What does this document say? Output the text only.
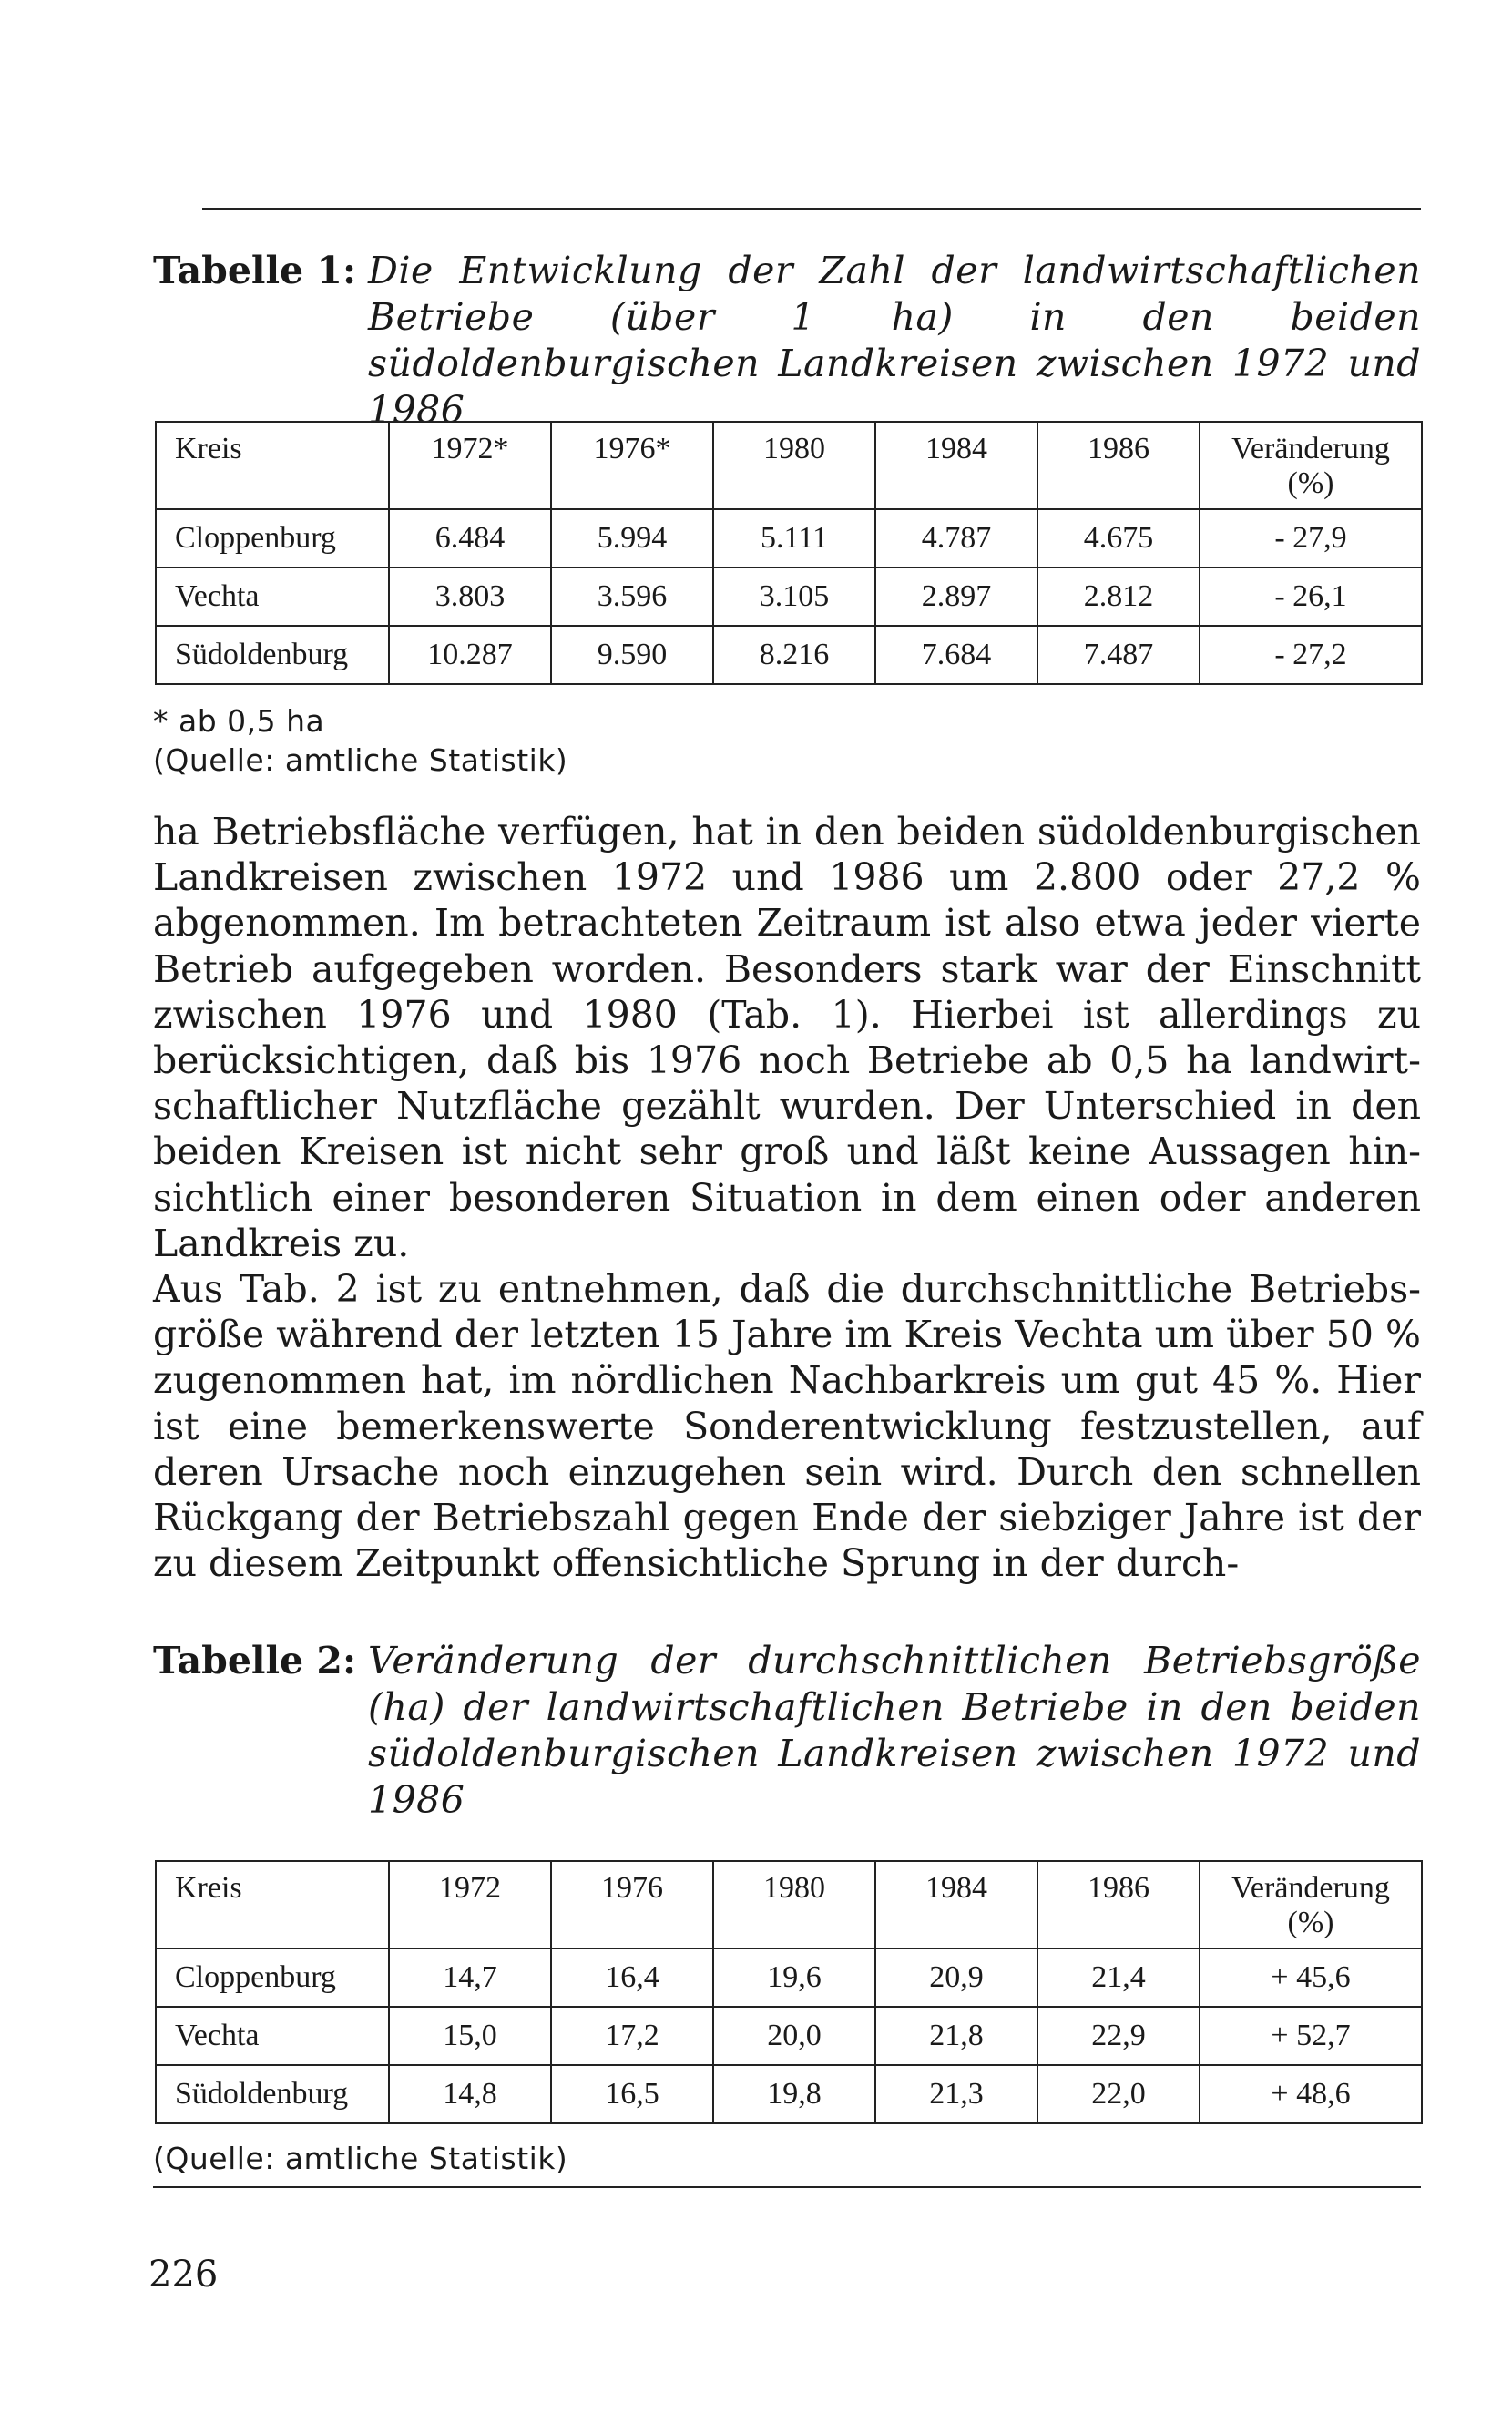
Tabelle 1: Die Entwicklung der Zahl der landwirtschaftlichen Betriebe (über 1 ha) in den beiden südoldenburgischen Landkreisen zwischen 1972 und 1986
Kreis	1972*	1976*	1980	1984	1986	Veränderung (%)
Cloppenburg	6.484	5.994	5.111	4.787	4.675	- 27,9
Vechta	3.803	3.596	3.105	2.897	2.812	- 26,1
Südoldenburg	10.287	9.590	8.216	7.684	7.487	- 27,2
* ab 0,5 ha
(Quelle: amtliche Statistik)

ha Betriebsfläche verfügen, hat in den beiden südoldenburgischen Landkreisen zwischen 1972 und 1986 um 2.800 oder 27,2 % abgenommen. Im betrachteten Zeitraum ist also etwa jeder vierte Betrieb aufgegeben worden. Besonders stark war der Einschnitt zwischen 1976 und 1980 (Tab. 1). Hierbei ist allerdings zu berücksichtigen, daß bis 1976 noch Betriebe ab 0,5 ha landwirtschaftlicher Nutzfläche gezählt wurden. Der Unterschied in den beiden Kreisen ist nicht sehr groß und läßt keine Aussagen hinsichtlich einer besonderen Situation in dem einen oder anderen Landkreis zu.

Aus Tab. 2 ist zu entnehmen, daß die durchschnittliche Betriebsgröße während der letzten 15 Jahre im Kreis Vechta um über 50 % zugenommen hat, im nördlichen Nachbarkreis um gut 45 %. Hier ist eine bemerkenswerte Sonderentwicklung festzustellen, auf deren Ursache noch einzugehen sein wird. Durch den schnellen Rückgang der Betriebszahl gegen Ende der siebziger Jahre ist der zu diesem Zeitpunkt offensichtliche Sprung in der durch-

Tabelle 2: Veränderung der durchschnittlichen Betriebsgröße (ha) der landwirtschaftlichen Betriebe in den beiden südoldenburgischen Landkreisen zwischen 1972 und 1986
Kreis	1972	1976	1980	1984	1986	Veränderung (%)
Cloppenburg	14,7	16,4	19,6	20,9	21,4	+ 45,6
Vechta	15,0	17,2	20,0	21,8	22,9	+ 52,7
Südoldenburg	14,8	16,5	19,8	21,3	22,0	+ 48,6
(Quelle: amtliche Statistik)
226
